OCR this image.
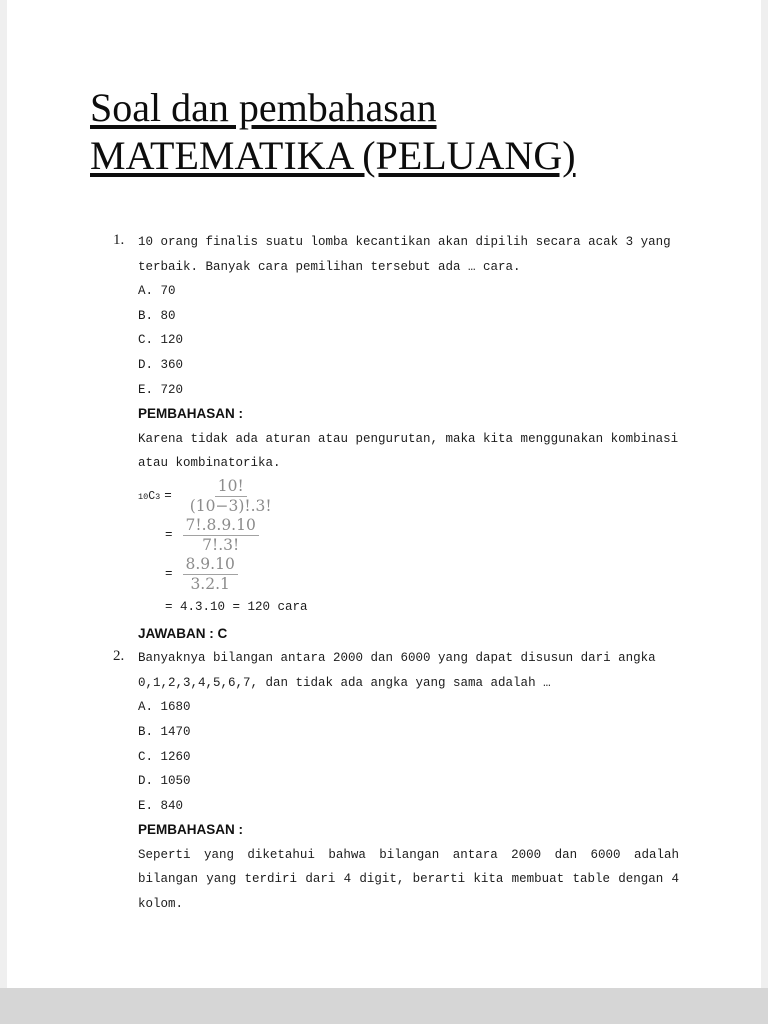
Soal dan pembahasan
MATEMATIKA (PELUANG)
1. 10 orang finalis suatu lomba kecantikan akan dipilih secara acak 3 yang
terbaik. Banyak cara pemilihan tersebut ada … cara.
A. 70
B. 80
C. 120
D. 360
E. 720
PEMBAHASAN :
Karena tidak ada aturan atau pengurutan, maka kita menggunakan kombinasi
atau kombinatorika.
10 C $3 = \frac{10!}{(10-3)!.3!}$
= $\frac{7!.8.9.10}{7!.3!}$
= $\frac{8.9.10}{3.2.1}$
= 4.3.10 = 120 cara
JAWABAN : C
2. Banyaknya bilangan antara 2000 dan 6000 yang dapat disusun dari angka
0,1,2,3,4,5,6,7, dan tidak ada angka yang sama adalah …
A. 1680
B. 1470
C. 1260
D. 1050
E. 840
PEMBAHASAN :
Seperti yang diketahui bahwa bilangan antara 2000 dan 6000 adalah
bilangan yang terdiri dari 4 digit, berarti kita membuat table dengan 4
kolom.
